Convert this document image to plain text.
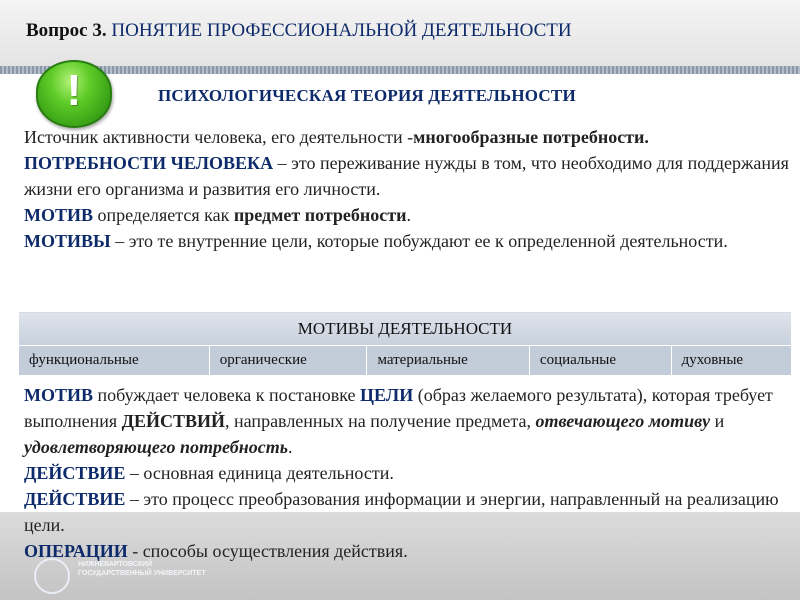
Вопрос 3. ПОНЯТИЕ ПРОФЕССИОНАЛЬНОЙ ДЕЯТЕЛЬНОСТИ
!	ПСИХОЛОГИЧЕСКАЯ ТЕОРИЯ ДЕЯТЕЛЬНОСТИ

Источник активности человека, его деятельности -многообразные потребности.

ПОТРЕБНОСТИ ЧЕЛОВЕКА – это переживание нужды в том, что необходимо для поддержания жизни его организма и развития его личности.

МОТИВ определяется как предмет потребности.

МОТИВЫ – это те внутренние цели, которые побуждают ее к определенной деятельности.

МОТИВЫ ДЕЯТЕЛЬНОСТИ
функциональные	органические	материальные	социальные	духовные

МОТИВ побуждает человека к постановке ЦЕЛИ (образ желаемого результата), которая требует выполнения ДЕЙСТВИЙ, направленных на получение предмета, отвечающего мотиву и удовлетворяющего потребность.

ДЕЙСТВИЕ – основная единица деятельности.

ДЕЙСТВИЕ – это процесс преобразования информации и энергии, направленный на реализацию цели.

ОПЕРАЦИИ - способы осуществления действия.

НИЖНЕВАРТОВСКИЙ
ГОСУДАРСТВЕННЫЙ УНИВЕРСИТЕТ
